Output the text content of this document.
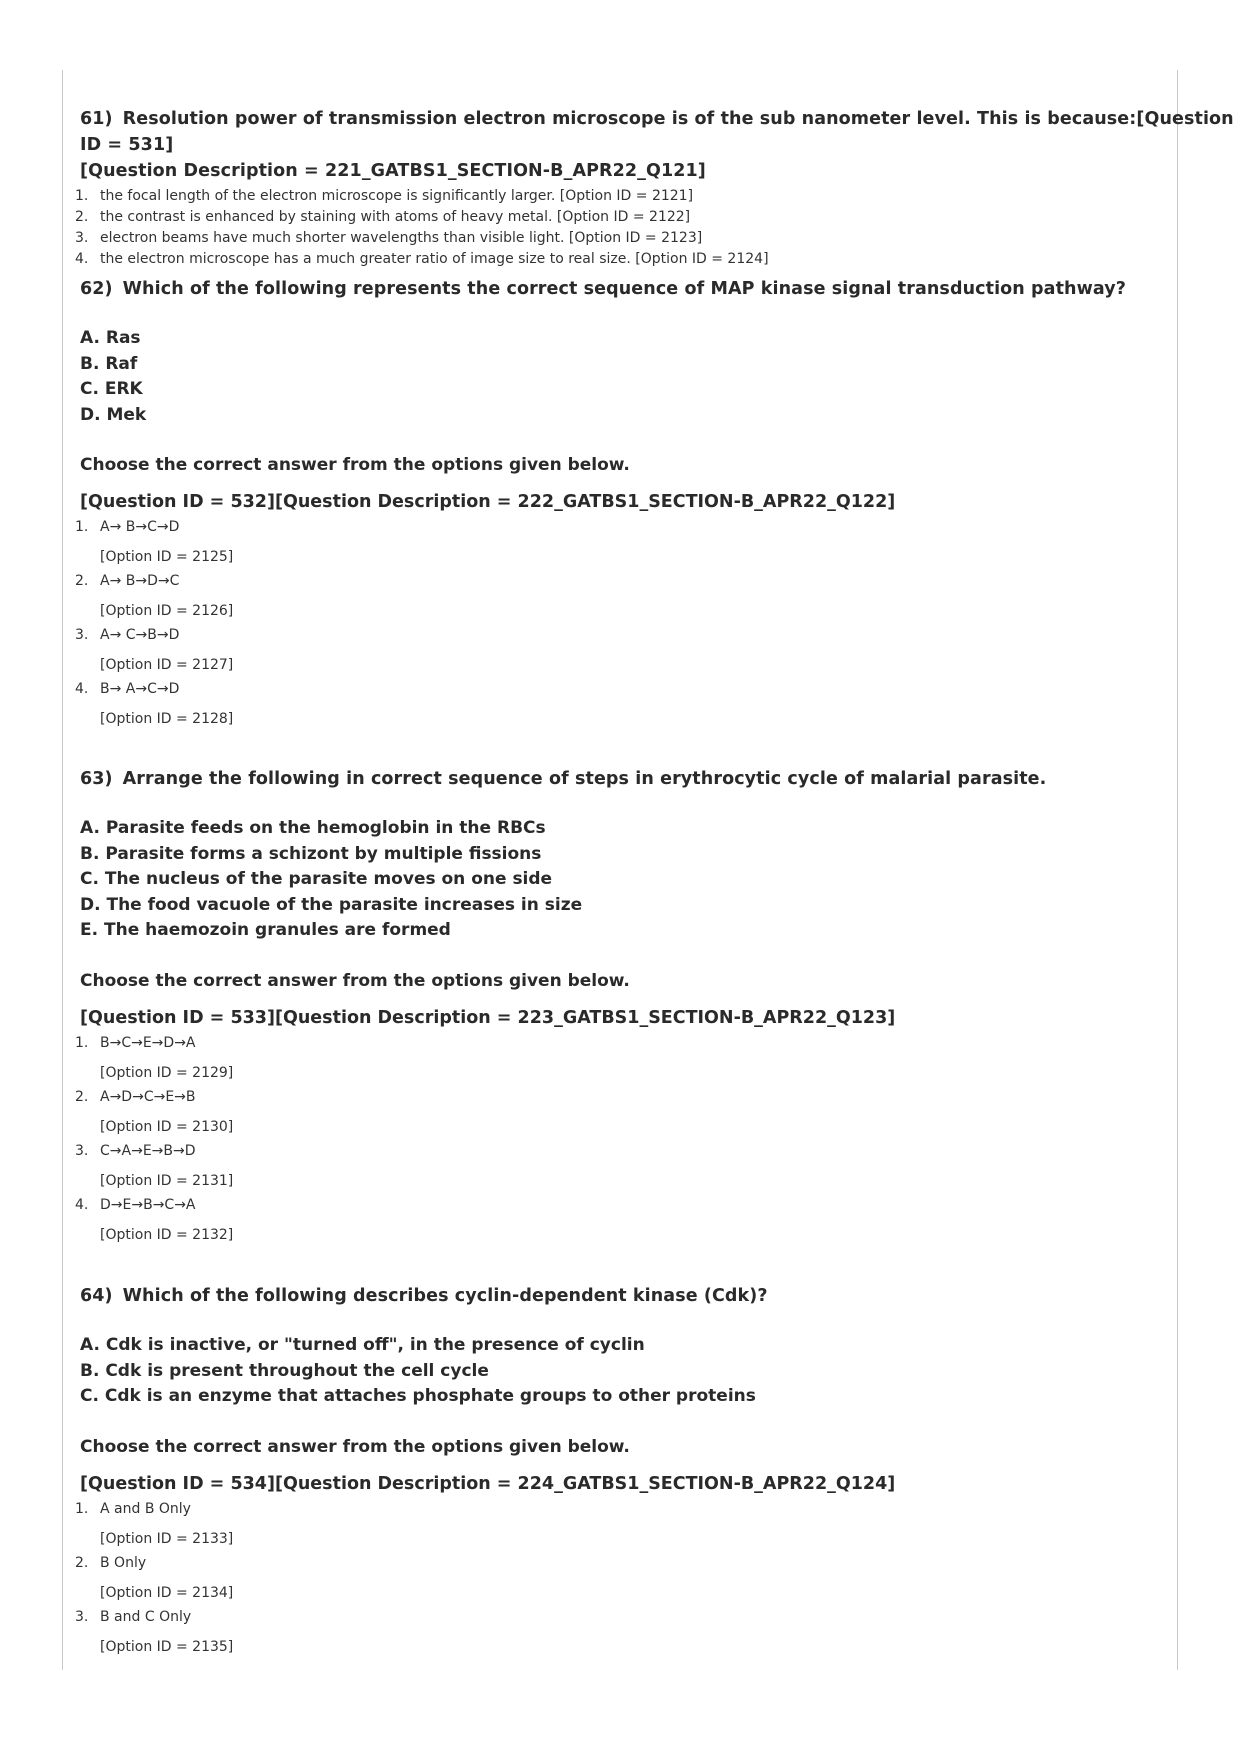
61) Resolution power of transmission electron microscope is of the sub nanometer level. This is because:[Question ID = 531]
[Question Description = 221_GATBS1_SECTION-B_APR22_Q121]
1. the focal length of the electron microscope is significantly larger. [Option ID = 2121]
2. the contrast is enhanced by staining with atoms of heavy metal. [Option ID = 2122]
3. electron beams have much shorter wavelengths than visible light. [Option ID = 2123]
4. the electron microscope has a much greater ratio of image size to real size. [Option ID = 2124]
62) Which of the following represents the correct sequence of MAP kinase signal transduction pathway?
A. Ras
B. Raf
C. ERK
D. Mek
Choose the correct answer from the options given below.
[Question ID = 532][Question Description = 222_GATBS1_SECTION-B_APR22_Q122]
1. A→ B→C→D
[Option ID = 2125]
2. A→ B→D→C
[Option ID = 2126]
3. A→ C→B→D
[Option ID = 2127]
4. B→ A→C→D
[Option ID = 2128]
63) Arrange the following in correct sequence of steps in erythrocytic cycle of malarial parasite.
A. Parasite feeds on the hemoglobin in the RBCs
B. Parasite forms a schizont by multiple fissions
C. The nucleus of the parasite moves on one side
D. The food vacuole of the parasite increases in size
E. The haemozoin granules are formed
Choose the correct answer from the options given below.
[Question ID = 533][Question Description = 223_GATBS1_SECTION-B_APR22_Q123]
1. B→C→E→D→A
[Option ID = 2129]
2. A→D→C→E→B
[Option ID = 2130]
3. C→A→E→B→D
[Option ID = 2131]
4. D→E→B→C→A
[Option ID = 2132]
64) Which of the following describes cyclin-dependent kinase (Cdk)?
A. Cdk is inactive, or "turned off", in the presence of cyclin
B. Cdk is present throughout the cell cycle
C. Cdk is an enzyme that attaches phosphate groups to other proteins
Choose the correct answer from the options given below.
[Question ID = 534][Question Description = 224_GATBS1_SECTION-B_APR22_Q124]
1. A and B Only
[Option ID = 2133]
2. B Only
[Option ID = 2134]
3. B and C Only
[Option ID = 2135]
